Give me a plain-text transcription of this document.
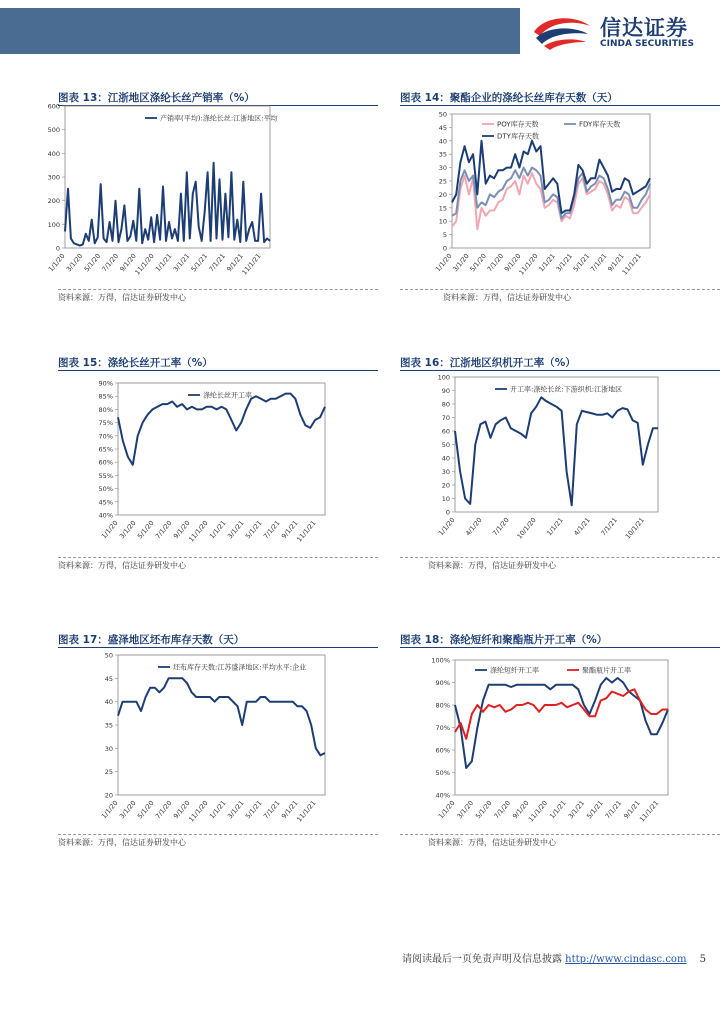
信达证券
CINDA SECURITIES
图表 13：江浙地区涤纶长丝产销率（%）
资料来源：万得，信达证券研发中心
图表 14：聚酯企业的涤纶长丝库存天数（天）
资料来源：万得，信达证券研发中心
图表 15：涤纶长丝开工率（%）
资料来源：万得，信达证券研发中心
图表 16：江浙地区织机开工率（%）
资料来源：万得，信达证券研发中心
图表 17：盛泽地区坯布库存天数（天）
资料来源：万得，信达证券研发中心
图表 18：涤纶短纤和聚酯瓶片开工率（%）
资料来源：万得，信达证券研发中心
请阅读最后一页免责声明及信息披露 http://www.cindasc.com 5
0
100
200
300
400
500
600
1/1/20
3/1/20
5/1/20
7/1/20
9/1/20
11/1/20
1/1/21
3/1/21
5/1/21
7/1/21
9/1/21
11/1/21
产销率(平均):涤纶长丝:江浙地区:平均
0
5
10
15
20
25
30
35
40
45
50
1/1/20
3/1/20
5/1/20
7/1/20
9/1/20
11/1/20
1/1/21
3/1/21
5/1/21
7/1/21
9/1/21
11/1/21
POY库存天数	FDY库存天数
DTY库存天数
40%
45%
50%
55%
60%
65%
70%
75%
80%
85%
90%
1/1/20
3/1/20
5/1/20
7/1/20
9/1/20
11/1/20
1/1/21
3/1/21
5/1/21
7/1/21
9/1/21
11/1/21
涤纶长丝开工率
0
10
20
30
40
50
60
70
80
90
100
1/1/20 4/1/20 7/1/20 10/1/20 1/1/21 4/1/21 7/1/21 10/1/21
开工率:涤纶长丝:下游织机:江浙地区
20
25
30
35
40
45
50
1/1/20
3/1/20
5/1/20
7/1/20
9/1/20
11/1/20
1/1/21
3/1/21
5/1/21
7/1/21
9/1/21
11/1/21
坯布库存天数:江苏盛泽地区:平均水平:企业
40%
50%
60%
70%
80%
90%
100%
1/1/20
3/1/20
5/1/20
7/1/20
9/1/20
11/1/20
1/1/21
3/1/21
5/1/21
7/1/21
9/1/21
11/1/21
涤纶短纤开工率	聚酯瓶片开工率
